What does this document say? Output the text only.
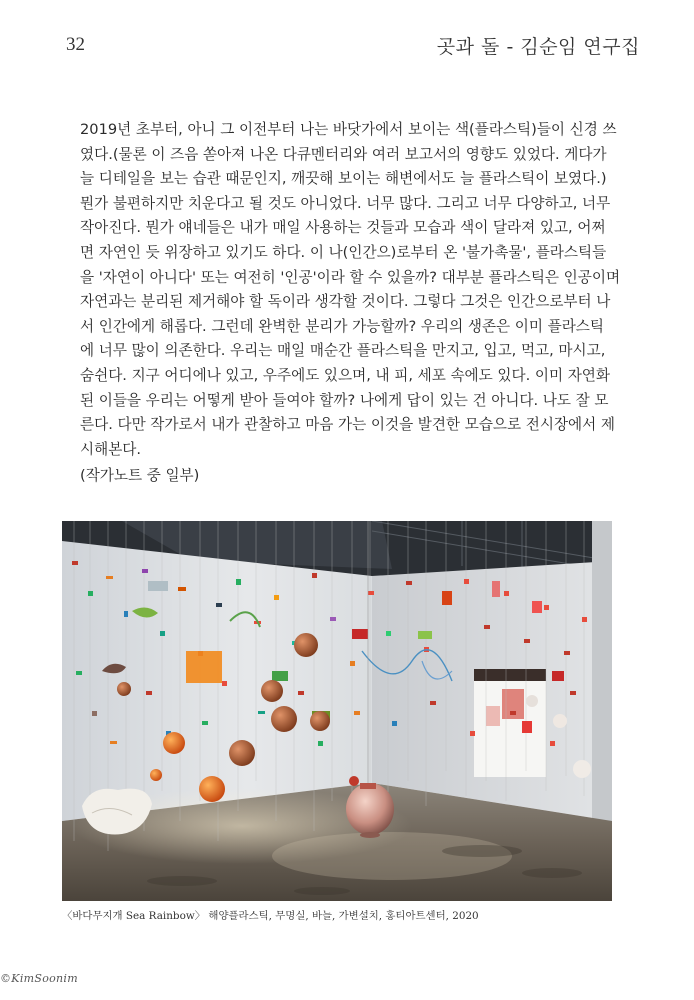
32	곳과 돌 - 김순임 연구집
2019년 초부터, 아니 그 이전부터 나는 바닷가에서 보이는 색(플라스틱)들이 신경 쓰
였다.(물론 이 즈음 쏟아져 나온 다큐멘터리와 여러 보고서의 영향도 있었다. 게다가
늘 디테일을 보는 습관 때문인지, 깨끗해 보이는 해변에서도 늘 플라스틱이 보였다.)
뭔가 불편하지만 치운다고 될 것도 아니었다. 너무 많다. 그리고 너무 다양하고, 너무
작아진다. 뭔가 얘네들은 내가 매일 사용하는 것들과 모습과 색이 달라져 있고, 어쩌
면 자연인 듯 위장하고 있기도 하다. 이 나(인간으)로부터 온 '불가촉물', 플라스틱들
을 '자연이 아니다' 또는 여전히 '인공'이라 할 수 있을까? 대부분 플라스틱은 인공이며
자연과는 분리된 제거해야 할 독이라 생각할 것이다. 그렇다 그것은 인간으로부터 나
서 인간에게 해롭다. 그런데 완벽한 분리가 가능할까? 우리의 생존은 이미 플라스틱
에 너무 많이 의존한다. 우리는 매일 매순간 플라스틱을 만지고, 입고, 먹고, 마시고,
숨쉰다. 지구 어디에나 있고, 우주에도 있으며, 내 피, 세포 속에도 있다. 이미 자연화
된 이들을 우리는 어떻게 받아 들여야 할까? 나에게 답이 있는 건 아니다. 나도 잘 모
른다. 다만 작가로서 내가 관찰하고 마음 가는 이것을 발견한 모습으로 전시장에서 제
시해본다.
(작가노트 중 일부)
〈바다무지개 Sea Rainbow〉 해양플라스틱, 무명실, 바늘, 가변설치, 홍티아트센터, 2020
©KimSoonim
